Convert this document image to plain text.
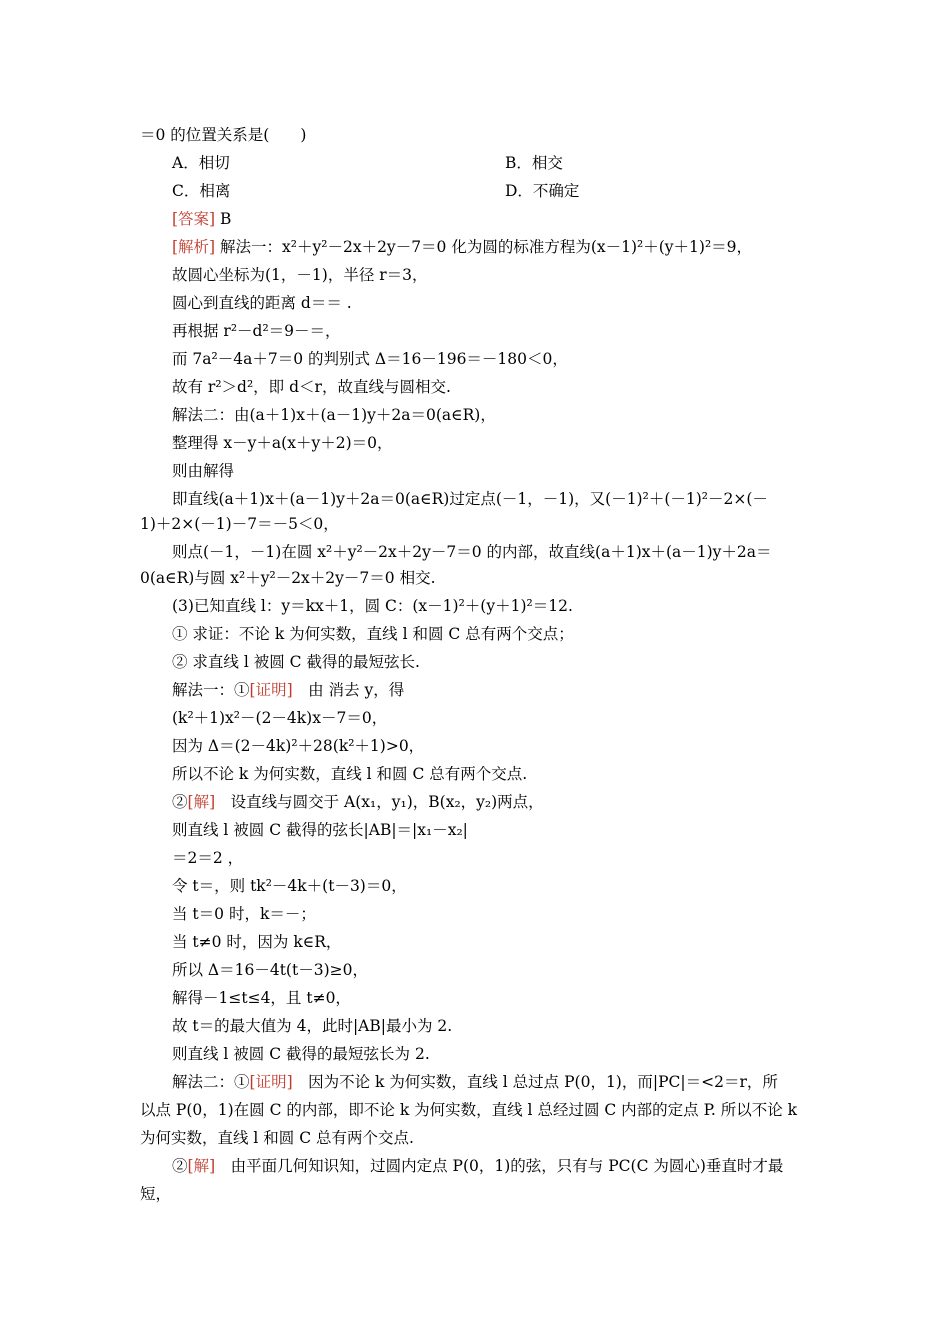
＝0 的位置关系是(　　)
A．相切	B．相交
C．相离	D．不确定
[答案] B
[解析] 解法一：x²＋y²－2x＋2y－7＝0 化为圆的标准方程为(x－1)²＋(y＋1)²＝9，
故圆心坐标为(1，－1)，半径 r＝3，
圆心到直线的距离 d＝＝ .
再根据 r²－d²＝9－＝，
而 7a²－4a＋7＝0 的判别式 Δ＝16－196＝－180＜0，
故有 r²＞d²，即 d＜r，故直线与圆相交.
解法二：由(a＋1)x＋(a－1)y＋2a＝0(a∈R)，
整理得 x－y＋a(x＋y＋2)＝0，
则由解得
即直线(a＋1)x＋(a－1)y＋2a＝0(a∈R)过定点(－1，－1)，又(－1)²＋(－1)²－2×(－
1)＋2×(－1)－7＝－5＜0，
则点(－1，－1)在圆 x²＋y²－2x＋2y－7＝0 的内部，故直线(a＋1)x＋(a－1)y＋2a＝
0(a∈R)与圆 x²＋y²－2x＋2y－7＝0 相交.
(3)已知直线 l：y＝kx＋1，圆 C：(x－1)²＋(y＋1)²＝12.
① 求证：不论 k 为何实数，直线 l 和圆 C 总有两个交点；
② 求直线 l 被圆 C 截得的最短弦长.
解法一：①[证明]　由 消去 y，得
(k²＋1)x²－(2－4k)x－7＝0，
因为 Δ＝(2－4k)²＋28(k²＋1)>0，
所以不论 k 为何实数，直线 l 和圆 C 总有两个交点.
②[解]　设直线与圆交于 A(x₁，y₁)，B(x₂，y₂)两点，
则直线 l 被圆 C 截得的弦长|AB|＝|x₁－x₂|
＝2＝2 ，
令 t＝，则 tk²－4k＋(t－3)＝0，
当 t＝0 时，k＝－；
当 t≠0 时，因为 k∈R，
所以 Δ＝16－4t(t－3)≥0，
解得－1≤t≤4，且 t≠0，
故 t＝的最大值为 4，此时|AB|最小为 2.
则直线 l 被圆 C 截得的最短弦长为 2.
解法二：①[证明]　因为不论 k 为何实数，直线 l 总过点 P(0，1)，而|PC|＝<2＝r，所
以点 P(0，1)在圆 C 的内部，即不论 k 为何实数，直线 l 总经过圆 C 内部的定点 P. 所以不论 k
为何实数，直线 l 和圆 C 总有两个交点.
②[解]　由平面几何知识知，过圆内定点 P(0，1)的弦，只有与 PC(C 为圆心)垂直时才最
短，
